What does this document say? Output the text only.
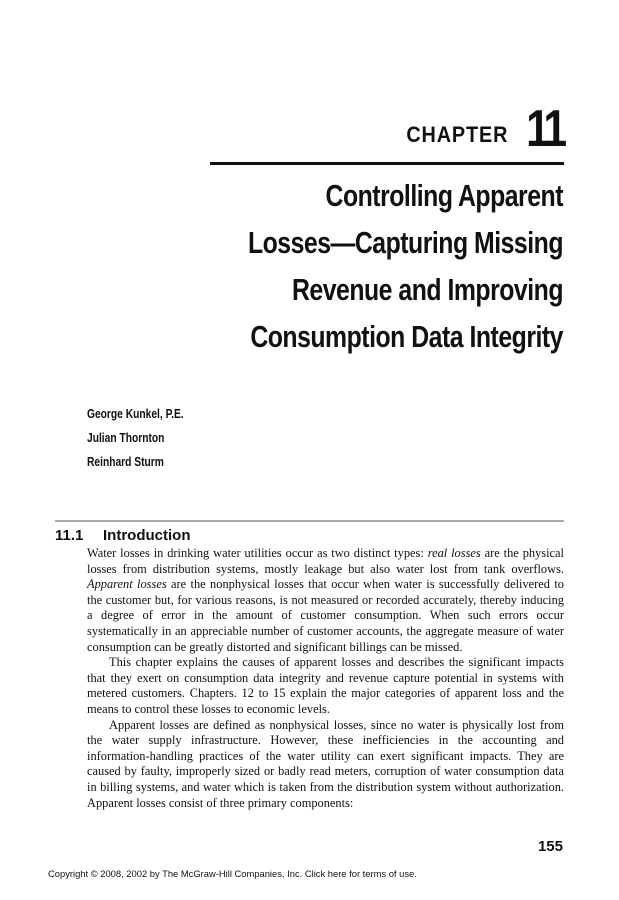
CHAPTER 11
Controlling Apparent
Losses—Capturing Missing
Revenue and Improving
Consumption Data Integrity
George Kunkel, P.E.
Julian Thornton
Reinhard Sturm
11.1 Introduction

Water losses in drinking water utilities occur as two distinct types: real losses are the physical losses from distribution systems, mostly leakage but also water lost from tank overflows. Apparent losses are the nonphysical losses that occur when water is successfully delivered to the customer but, for various reasons, is not measured or recorded accurately, thereby inducing a degree of error in the amount of customer consumption. When such errors occur systematically in an appreciable number of customer accounts, the aggregate measure of water consumption can be greatly distorted and significant billings can be missed.

This chapter explains the causes of apparent losses and describes the significant impacts that they exert on consumption data integrity and revenue capture potential in systems with metered customers. Chapters. 12 to 15 explain the major categories of apparent loss and the means to control these losses to economic levels.

Apparent losses are defined as nonphysical losses, since no water is physically lost from the water supply infrastructure. However, these inefficiencies in the accounting and information-handling practices of the water utility can exert significant impacts. They are caused by faulty, improperly sized or badly read meters, corruption of water consumption data in billing systems, and water which is taken from the distribution system without authorization. Apparent losses consist of three primary components:

155
Copyright © 2008, 2002 by The McGraw-Hill Companies, Inc. Click here for terms of use.
